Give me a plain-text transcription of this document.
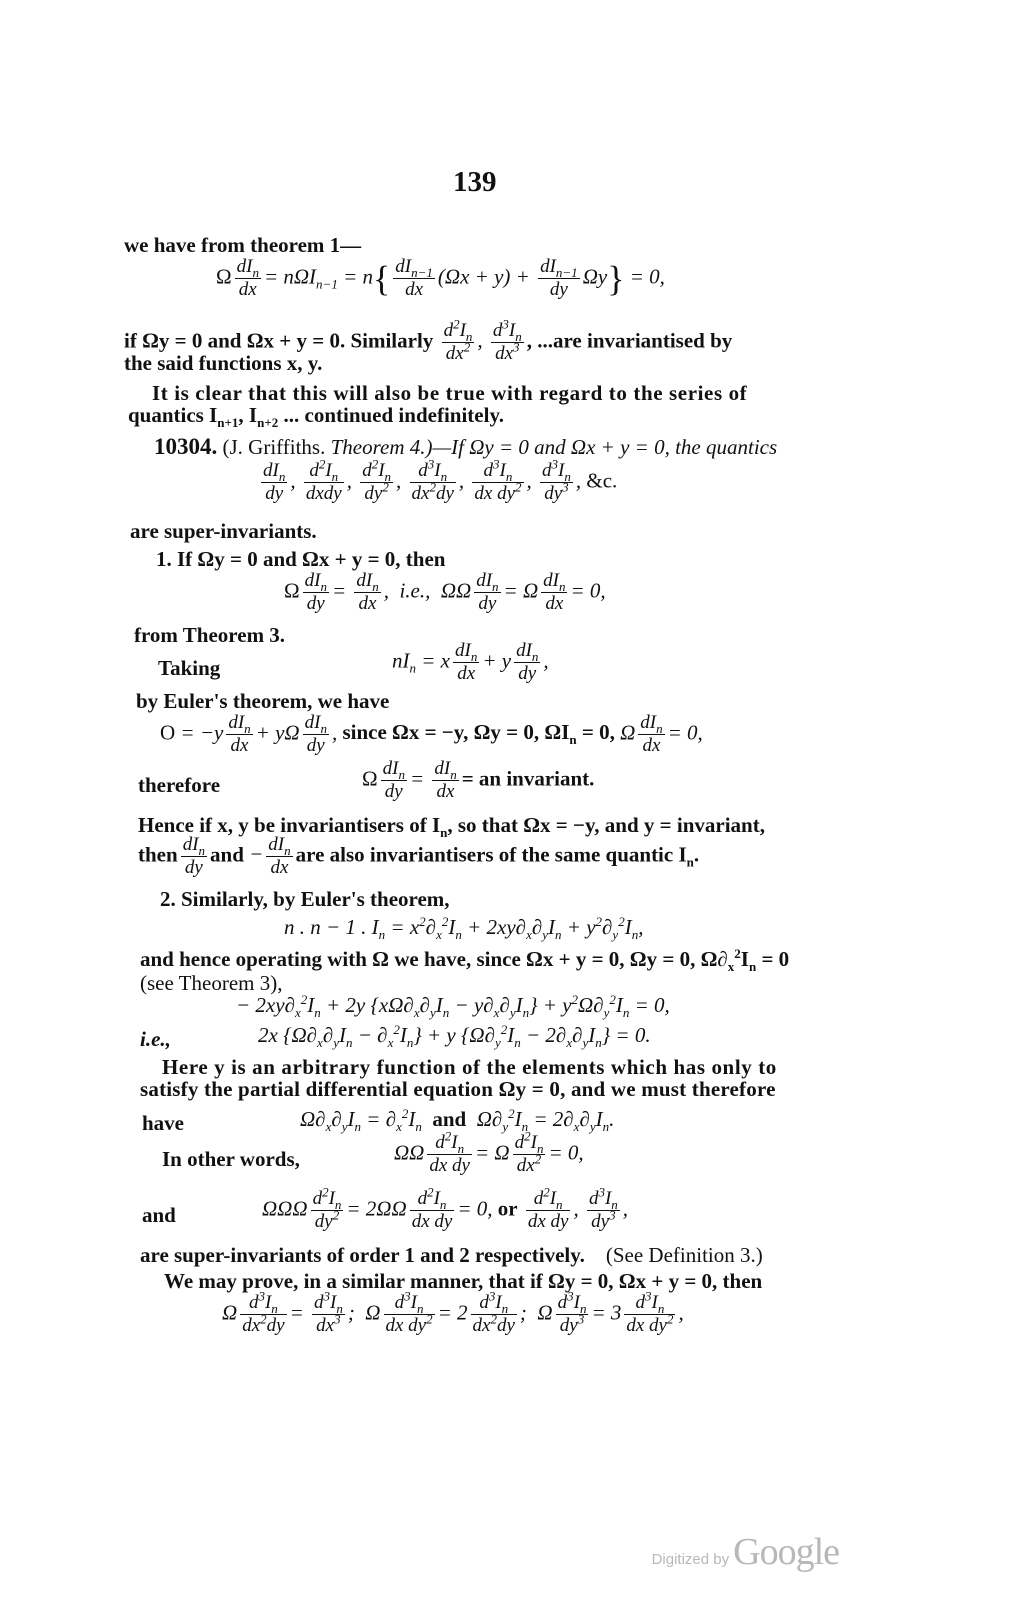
139
we have from theorem 1—
Ω $\frac{dI_n}{dx} = n\Omega I_{n-1} = n\{ \frac{dI_{n-1}}{dx} (\Omega x + y) + \frac{dI_{n-1}}{dy} \Omega y\} = 0$,
if Ωy = 0 and Ωx + y = 0. Similarly $\frac{d^2I_n}{dx^2}$ , $\frac{d^3I_n}{dx^3}$ , ...are invariantised by
the said functions x, y.
It is clear that this will also be true with regard to the series of
quantics $I_{n+1}$, $I_{n+2}$ ... continued indefinitely.
10304. (J. Griffiths. Theorem 4.)—If Ωy = 0 and Ωx + y = 0, the quantics
$\frac{dI_n}{dy}$ , $\frac{d^2I_n}{\text{dxdy}}$ , $\frac{d^2I_n}{dy^2}$ , $\frac{d^3I_n}{dx^2dy}$ , $\frac{d^3I_n}{dx dy^2}$ , $\frac{d^3I_n}{dy^3}$ , &c.
are super-invariants.
1. If Ωy = 0 and Ωx + y = 0, then
Ω $\frac{dI_n}{dy} = \frac{dI_n}{dx}$ ,  i.e.,  ΩΩ $\frac{dI_n}{dy} = \Omega \frac{dI_n}{dx} = 0$,
from Theorem 3.
Taking	$nI_n = x \frac{dI_n}{dx} + y \frac{dI_n}{dy}$ ,
by Euler's theorem, we have
$O = -y \frac{dI_n}{dx} + y\Omega \frac{dI_n}{dy}$ , since Ωx = −y, Ωy = 0, $\Omega I_n = 0$, Ω $\frac{dI_n}{dx} = 0$,
therefore	Ω $\frac{dI_n}{dy} = \frac{dI_n}{dx}$ = an invariant.
Hence if x, y be invariantisers of $I_n$, so that Ωx = −y, and y = invariant,
then $\frac{dI_n}{dy}$ and − $\frac{dI_n}{dx}$ are also invariantisers of the same quantic $I_n$.
2. Similarly, by Euler's theorem,
n . n − 1 . $I_n = x^2\partial_x^2I_n + 2xy\partial_x\partial_yI_n + y^2\partial_y^2I_n$,
and hence operating with Ω we have, since Ωx + y = 0, Ωy = 0, $\Omega\partial_x^2I_n = 0$
(see Theorem 3),
− $2xy\partial_x^2I_n + 2y$ $\{x\Omega\partial_x\partial_yI_n - y\partial_x\partial_yI_n\} + y^2\Omega\partial_y^2I_n = 0$,
i.e.,	2x $\{\Omega\partial_x\partial_yI_n - \partial_x^2I_n\} + y$ $\{\Omega\partial_y^2I_n - 2\partial_x\partial_yI_n\} = 0$.
Here y is an arbitrary function of the elements which has only to
satisfy the partial differential equation Ωy = 0, and we must therefore
have	$\Omega\partial_x\partial_yI_n = \partial_x^2I_n$ and  $\Omega\partial_y^2I_n = 2\partial_x\partial_yI_n$.
In other words,	ΩΩ $\frac{d^2I_n}{\text{dx dy}} = \Omega \frac{d^2I_n}{dx^2} = 0$,
and	ΩΩΩ $\frac{d^2I_n}{dy^2} = 2\Omega\Omega \frac{d^2I_n}{\text{dx dy}} = 0$, or $\frac{d^2I_n}{\text{dx dy}}$ , $\frac{d^3I_n}{dy^3}$ ,
are super-invariants of order 1 and 2 respectively. (See Definition 3.)
We may prove, in a similar manner, that if Ωy = 0, Ωx + y = 0, then
Ω $\frac{d^3I_n}{dx^2dy} = \frac{d^3I_n}{dx^3}$ ;  Ω $\frac{d^3I_n}{dx dy^2} = 2 \frac{d^3I_n}{dx^2dy}$ ;  Ω $\frac{d^3I_n}{dy^3} = 3 \frac{d^3I_n}{dx dy^2}$ ,
Digitized by Google
